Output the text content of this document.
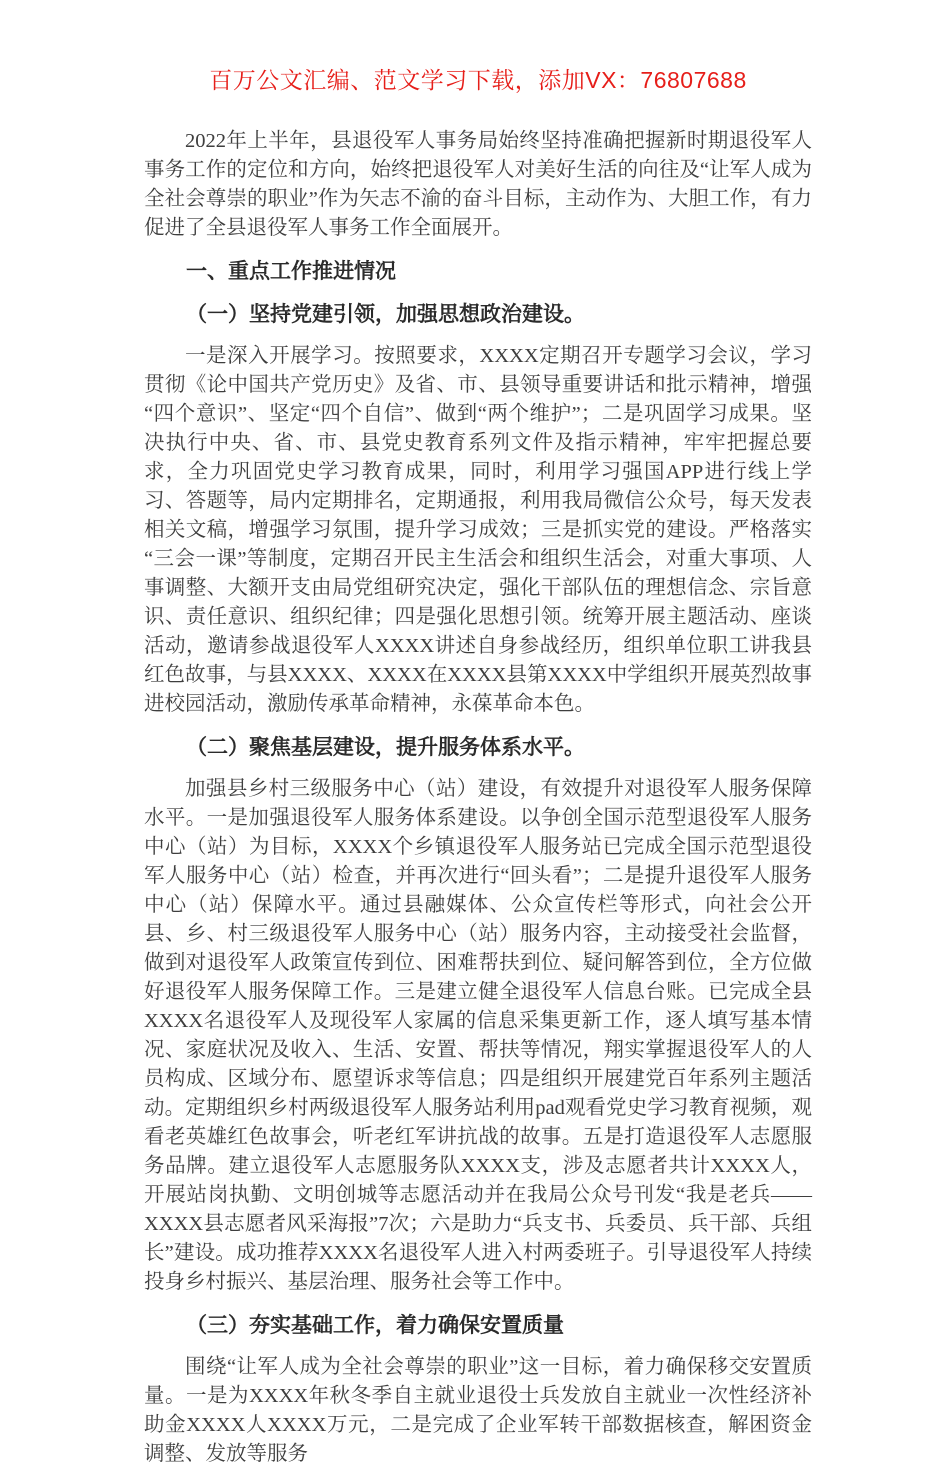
百万公文汇编、范文学习下载，添加VX：76807688

2022年上半年，县退役军人事务局始终坚持准确把握新时期退役军人事务工作的定位和方向，始终把退役军人对美好生活的向往及“让军人成为全社会尊崇的职业”作为矢志不渝的奋斗目标，主动作为、大胆工作，有力促进了全县退役军人事务工作全面展开。

一、重点工作推进情况
（一）坚持党建引领，加强思想政治建设。

一是深入开展学习。按照要求，XXXX定期召开专题学习会议，学习贯彻《论中国共产党历史》及省、市、县领导重要讲话和批示精神，增强“四个意识”、坚定“四个自信”、做到“两个维护”；二是巩固学习成果。坚决执行中央、省、市、县党史教育系列文件及指示精神，牢牢把握总要求，全力巩固党史学习教育成果，同时，利用学习强国APP进行线上学习、答题等，局内定期排名，定期通报，利用我局微信公众号，每天发表相关文稿，增强学习氛围，提升学习成效；三是抓实党的建设。严格落实“三会一课”等制度，定期召开民主生活会和组织生活会，对重大事项、人事调整、大额开支由局党组研究决定，强化干部队伍的理想信念、宗旨意识、责任意识、组织纪律；四是强化思想引领。统筹开展主题活动、座谈活动，邀请参战退役军人XXXX讲述自身参战经历，组织单位职工讲我县红色故事，与县XXXX、XXXX在XXXX县第XXXX中学组织开展英烈故事进校园活动，激励传承革命精神，永葆革命本色。

（二）聚焦基层建设，提升服务体系水平。

加强县乡村三级服务中心（站）建设，有效提升对退役军人服务保障水平。一是加强退役军人服务体系建设。以争创全国示范型退役军人服务中心（站）为目标，XXXX个乡镇退役军人服务站已完成全国示范型退役军人服务中心（站）检查，并再次进行“回头看”；二是提升退役军人服务中心（站）保障水平。通过县融媒体、公众宣传栏等形式，向社会公开县、乡、村三级退役军人服务中心（站）服务内容，主动接受社会监督，做到对退役军人政策宣传到位、困难帮扶到位、疑问解答到位，全方位做好退役军人服务保障工作。三是建立健全退役军人信息台账。已完成全县XXXX名退役军人及现役军人家属的信息采集更新工作，逐人填写基本情况、家庭状况及收入、生活、安置、帮扶等情况，翔实掌握退役军人的人员构成、区域分布、愿望诉求等信息；四是组织开展建党百年系列主题活动。定期组织乡村两级退役军人服务站利用pad观看党史学习教育视频，观看老英雄红色故事会，听老红军讲抗战的故事。五是打造退役军人志愿服务品牌。建立退役军人志愿服务队XXXX支，涉及志愿者共计XXXX人，开展站岗执勤、文明创城等志愿活动并在我局公众号刊发“我是老兵——XXXX县志愿者风采海报”7次；六是助力“兵支书、兵委员、兵干部、兵组长”建设。成功推荐XXXX名退役军人进入村两委班子。引导退役军人持续投身乡村振兴、基层治理、服务社会等工作中。

（三）夯实基础工作，着力确保安置质量

围绕“让军人成为全社会尊崇的职业”这一目标，着力确保移交安置质量。一是为XXXX年秋冬季自主就业退役士兵发放自主就业一次性经济补助金XXXX人XXXX万元，二是完成了企业军转干部数据核查，解困资金调整、发放等服务
